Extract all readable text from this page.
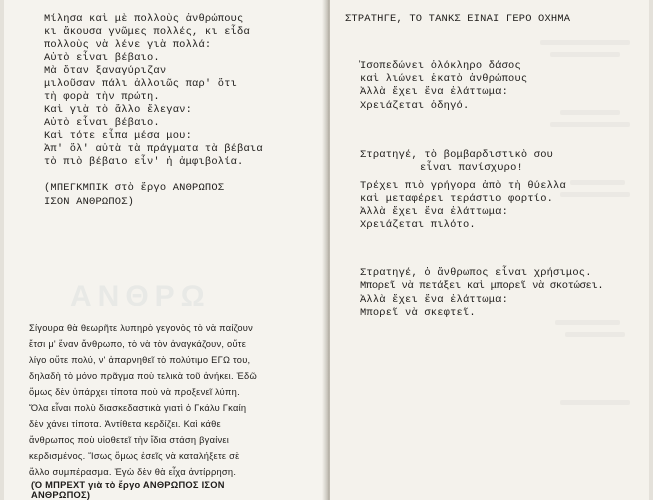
ΑΝΘΡΩ
Μίλησα καὶ μὲ πολλοὺς ἀνθρώπους
κι ἄκουσα γνῶμες πολλές, κι εἶδα
πολλοὺς νὰ λένε γιὰ πολλά:
Αὐτὸ εἶναι βέβαιο.
Μὰ ὅταν ξαναγύριζαν
μιλοῦσαν πάλι ἀλλοιῶς παρ' ὅτι
τὴ φορὰ τὴν πρώτη.
Καὶ γιὰ τὸ ἄλλο ἔλεγαν:
Αὐτὸ εἶναι βέβαιο.
Καὶ τότε εἶπα μέσα μου:
Ἀπ' ὅλ' αὐτὰ τὰ πράγματα τὰ βέβαια
τὸ πιὸ βέβαιο εἶν' ἡ ἀμφιβολία.
(ΜΠΕΓΚΜΠΙΚ στὸ ἔργο ΑΝΘΡΩΠΟΣ
ΙΣΟΝ ΑΝΘΡΩΠΟΣ)
Σίγουρα θὰ θεωρῆτε λυπηρὸ γεγονὸς τὸ νὰ παίζουν
ἔτσι μ' ἕναν ἄνθρωπο, τὸ νὰ τὸν ἀναγκάζουν, οὔτε
λίγο οὔτε πολύ, ν' ἀπαρνηθεῖ τὸ πολύτιμο ΕΓΩ του,
δηλαδὴ τὸ μόνο πρᾶγμα ποὺ τελικὰ τοῦ ἀνήκει. Ἐδῶ
ὅμως δὲν ὑπάρχει τίποτα ποὺ νὰ προξενεῖ λύπη.
Ὅλα εἶναι πολὺ διασκεδαστικὰ γιατὶ ὁ Γκάλυ Γκαίη
δὲν χάνει τίποτα. Ἀντίθετα κερδίζει. Καὶ κάθε
ἄνθρωπος ποὺ υἱοθετεῖ τὴν ἴδια στάση βγαίνει
κερδισμένος. Ἴσως ὅμως ἐσεῖς νὰ καταλήξετε σὲ
ἄλλο συμπέρασμα. Ἐγὼ δὲν θὰ εἶχα ἀντίρρηση.
(Ὁ ΜΠΡΕΧΤ γιὰ τὸ ἔργο ΑΝΘΡΩΠΟΣ ΙΣΟΝ
ΑΝΘΡΩΠΟΣ)
ΣΤΡΑΤΗΓΕ, ΤΟ ΤΑΝΚΣ ΕΙΝΑΙ ΓΕΡΟ ΟΧΗΜΑ
Ἰσοπεδώνει ὁλόκληρο δάσος
καὶ λιώνει ἑκατὸ ἀνθρώπους
Ἀλλὰ ἔχει ἕνα ἐλάττωμα:
Χρειάζεται ὁδηγό.
Στρατηγέ, τὸ βομβαρδιστικὸ σου
εἶναι πανίσχυρο!
Τρέχει πιὸ γρήγορα ἀπὸ τὴ θύελλα
καὶ μεταφέρει τεράστιο φορτίο.
Ἀλλὰ ἔχει ἕνα ἐλάττωμα:
Χρειάζεται πιλότο.
Στρατηγέ, ὁ ἄνθρωπος εἶναι χρήσιμος.
Μπορεῖ νὰ πετάξει καὶ μπορεῖ νὰ σκοτώσει.
Ἀλλὰ ἔχει ἕνα ἐλάττωμα:
Μπορεῖ νὰ σκεφτεῖ.
